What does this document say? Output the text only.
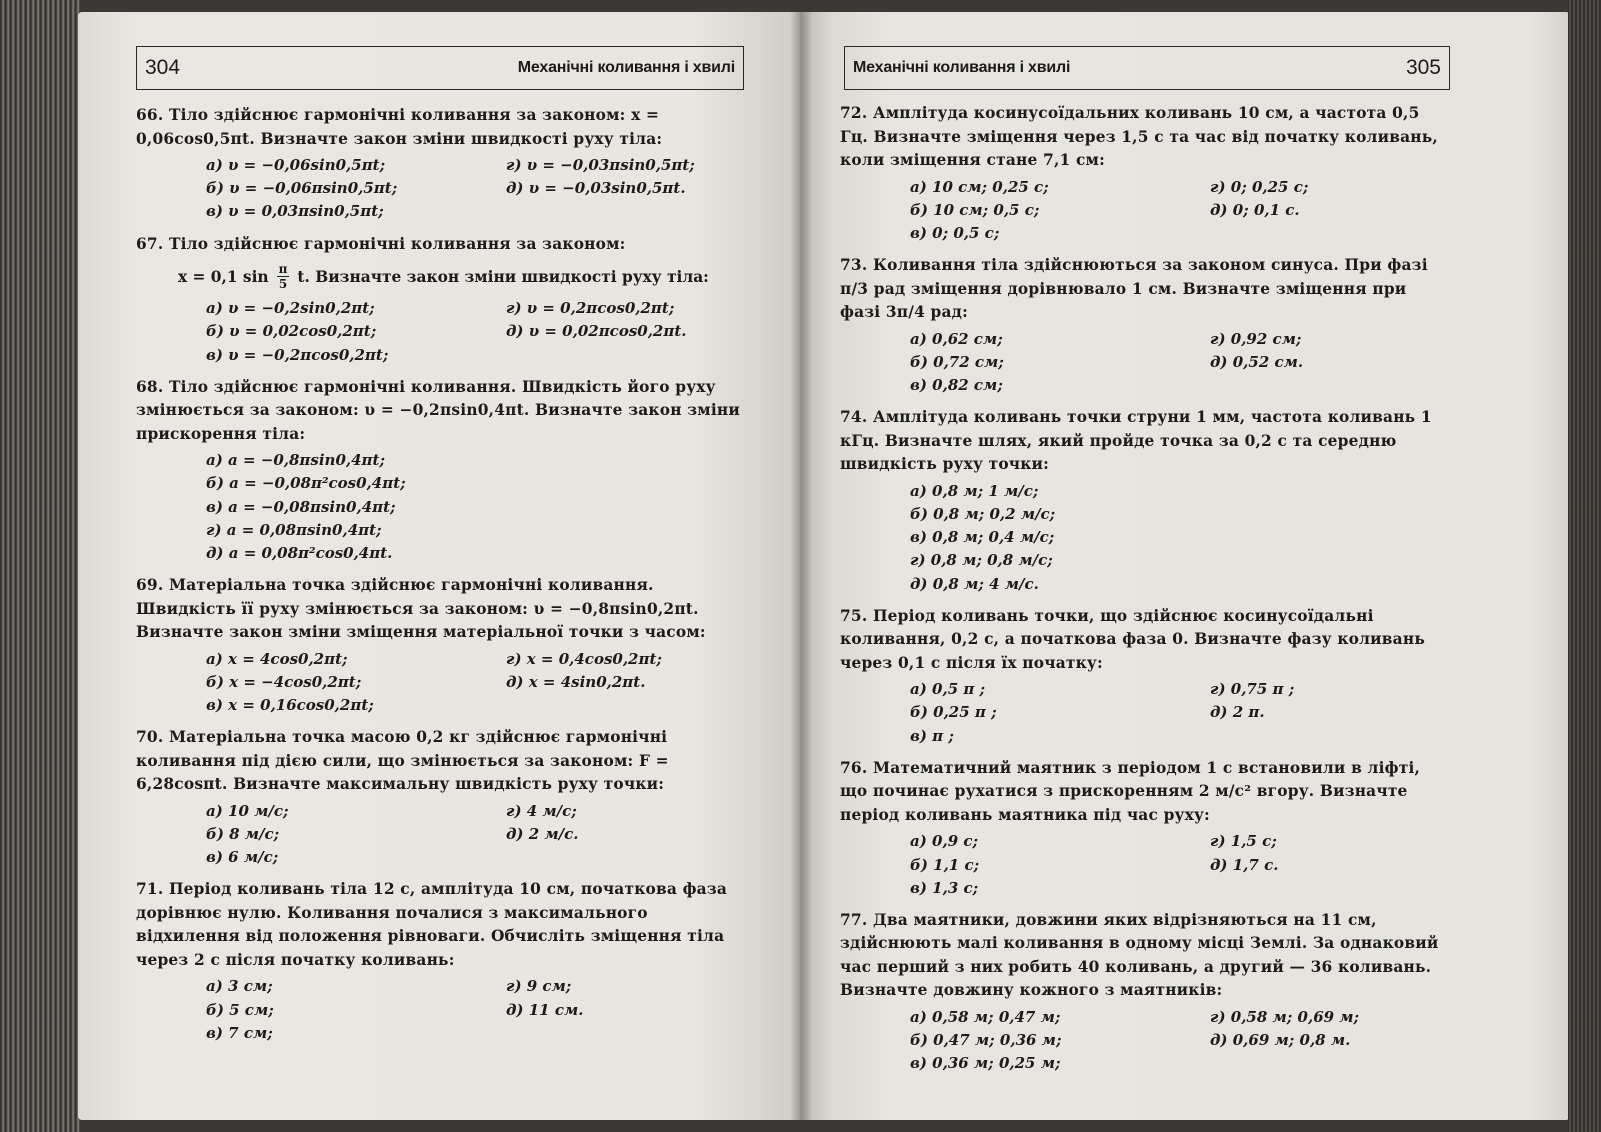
304	Механічні коливання і хвилі
66. Тіло здійснює гармонічні коливання за законом: x = 0,06cos0,5πt. Визначте закон зміни швидкості руху тіла:
а) υ = −0,06sin0,5πt;	г) υ = −0,03πsin0,5πt;
б) υ = −0,06πsin0,5πt;	д) υ = −0,03sin0,5πt.
в) υ = 0,03πsin0,5πt;
67. Тіло здійснює гармонічні коливання за законом:
x = 0,1 $\sin \frac{\pi}{5} t$. Визначте закон зміни швидкості руху тіла:
а) υ = −0,2sin0,2πt;	г) υ = 0,2πcos0,2πt;
б) υ = 0,02cos0,2πt;	д) υ = 0,02πcos0,2πt.
в) υ = −0,2πcos0,2πt;
68. Тіло здійснює гармонічні коливання. Швидкість його руху змінюється за законом: υ = −0,2πsin0,4πt. Визначте закон зміни прискорення тіла:
а) a = −0,8πsin0,4πt;
б) a = −0,08π²cos0,4πt;
в) a = −0,08πsin0,4πt;
г) a = 0,08πsin0,4πt;
д) a = 0,08π²cos0,4πt.
69. Матеріальна точка здійснює гармонічні коливання. Швидкість її руху змінюється за законом: υ = −0,8πsin0,2πt. Визначте закон зміни зміщення матеріальної точки з часом:
а) x = 4cos0,2πt;	г) x = 0,4cos0,2πt;
б) x = −4cos0,2πt;	д) x = 4sin0,2πt.
в) x = 0,16cos0,2πt;
70. Матеріальна точка масою 0,2 кг здійснює гармонічні коливання під дією сили, що змінюється за законом: F = 6,28cosπt. Визначте максимальну швидкість руху точки:
а) 10 м/с;	г) 4 м/с;
б) 8 м/с;	д) 2 м/с.
в) 6 м/с;
71. Період коливань тіла 12 с, амплітуда 10 см, початкова фаза дорівнює нулю. Коливання почалися з максимального відхилення від положення рівноваги. Обчисліть зміщення тіла через 2 с після початку коливань:
а) 3 см;	г) 9 см;
б) 5 см;	д) 11 см.
в) 7 см;
Механічні коливання і хвилі	305
72. Амплітуда косинусоїдальних коливань 10 см, а частота 0,5 Гц. Визначте зміщення через 1,5 с та час від початку коливань, коли зміщення стане 7,1 см:
а) 10 см; 0,25 с;	г) 0; 0,25 с;
б) 10 см; 0,5 с;	д) 0; 0,1 с.
в) 0; 0,5 с;
73. Коливання тіла здійснюються за законом синуса. При фазі π/3 рад зміщення дорівнювало 1 см. Визначте зміщення при фазі 3π/4 рад:
а) 0,62 см;	г) 0,92 см;
б) 0,72 см;	д) 0,52 см.
в) 0,82 см;
74. Амплітуда коливань точки струни 1 мм, частота коливань 1 кГц. Визначте шлях, який пройде точка за 0,2 с та середню швидкість руху точки:
а) 0,8 м; 1 м/с;
б) 0,8 м; 0,2 м/с;
в) 0,8 м; 0,4 м/с;
г) 0,8 м; 0,8 м/с;
д) 0,8 м; 4 м/с.
75. Період коливань точки, що здійснює косинусоїдальні коливання, 0,2 с, а початкова фаза 0. Визначте фазу коливань через 0,1 с після їх початку:
а) 0,5 π ;	г) 0,75 π ;
б) 0,25 π ;	д) 2 π.
в) π ;
76. Математичний маятник з періодом 1 с встановили в ліфті, що починає рухатися з прискоренням 2 м/с² вгору. Визначте період коливань маятника під час руху:
а) 0,9 с;	г) 1,5 с;
б) 1,1 с;	д) 1,7 с.
в) 1,3 с;
77. Два маятники, довжини яких відрізняються на 11 см, здійснюють малі коливання в одному місці Землі. За однаковий час перший з них робить 40 коливань, а другий — 36 коливань. Визначте довжину кожного з маятників:
а) 0,58 м; 0,47 м;	г) 0,58 м; 0,69 м;
б) 0,47 м; 0,36 м;	д) 0,69 м; 0,8 м.
в) 0,36 м; 0,25 м;
